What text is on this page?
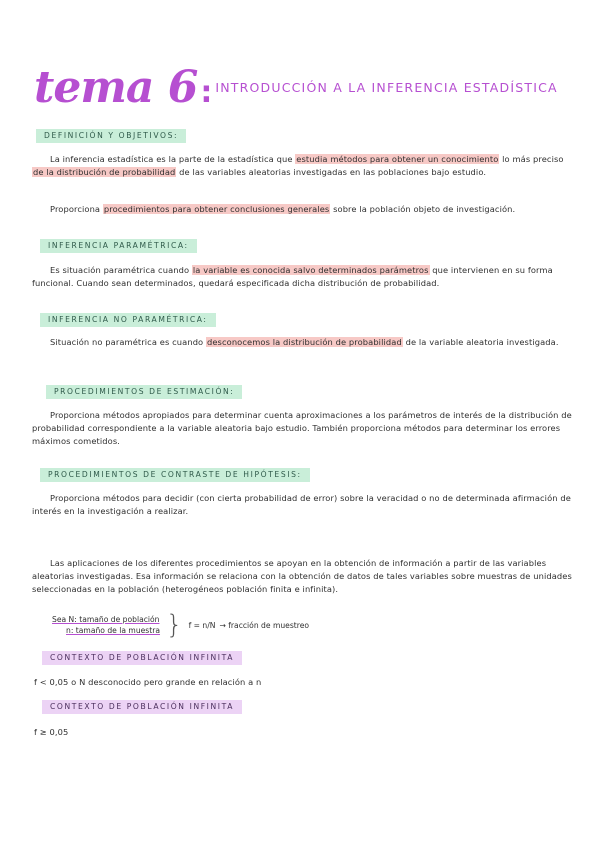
tema 6 : INTRODUCCIÓN A LA INFERENCIA ESTADÍSTICA
DEFINICIÓN Y OBJETIVOS:
La inferencia estadística es la parte de la estadística que estudia métodos para obtener un conocimiento lo más preciso de la distribución de probabilidad de las variables aleatorias investigadas en las poblaciones bajo estudio.
Proporciona procedimientos para obtener conclusiones generales sobre la población objeto de investigación.
INFERENCIA PARAMÉTRICA:
Es situación paramétrica cuando la variable es conocida salvo determinados parámetros que intervienen en su forma funcional. Cuando sean determinados, quedará especificada dicha distribución de probabilidad.
INFERENCIA NO PARAMÉTRICA:
Situación no paramétrica es cuando desconocemos la distribución de probabilidad de la variable aleatoria investigada.
PROCEDIMIENTOS DE ESTIMACIÓN:
Proporciona métodos apropiados para determinar cuenta aproximaciones a los parámetros de interés de la distribución de probabilidad correspondiente a la variable aleatoria bajo estudio. También proporciona métodos para determinar los errores máximos cometidos.
PROCEDIMIENTOS DE CONTRASTE DE HIPÓTESIS:
Proporciona métodos para decidir (con cierta probabilidad de error) sobre la veracidad o no de determinada afirmación de interés en la investigación a realizar.
Las aplicaciones de los diferentes procedimientos se apoyan en la obtención de información a partir de las variables aleatorias investigadas. Esa información se relaciona con la obtención de datos de tales variables sobre muestras de unidades seleccionadas en la población (heterogéneos población finita e infinita).
Sea N: tamaño de población
n: tamaño de la muestra } f = n/N → fracción de muestreo
CONTEXTO DE POBLACIÓN INFINITA
f < 0,05 o N desconocido pero grande en relación a n
CONTEXTO DE POBLACIÓN INFINITA
f ≥ 0,05
